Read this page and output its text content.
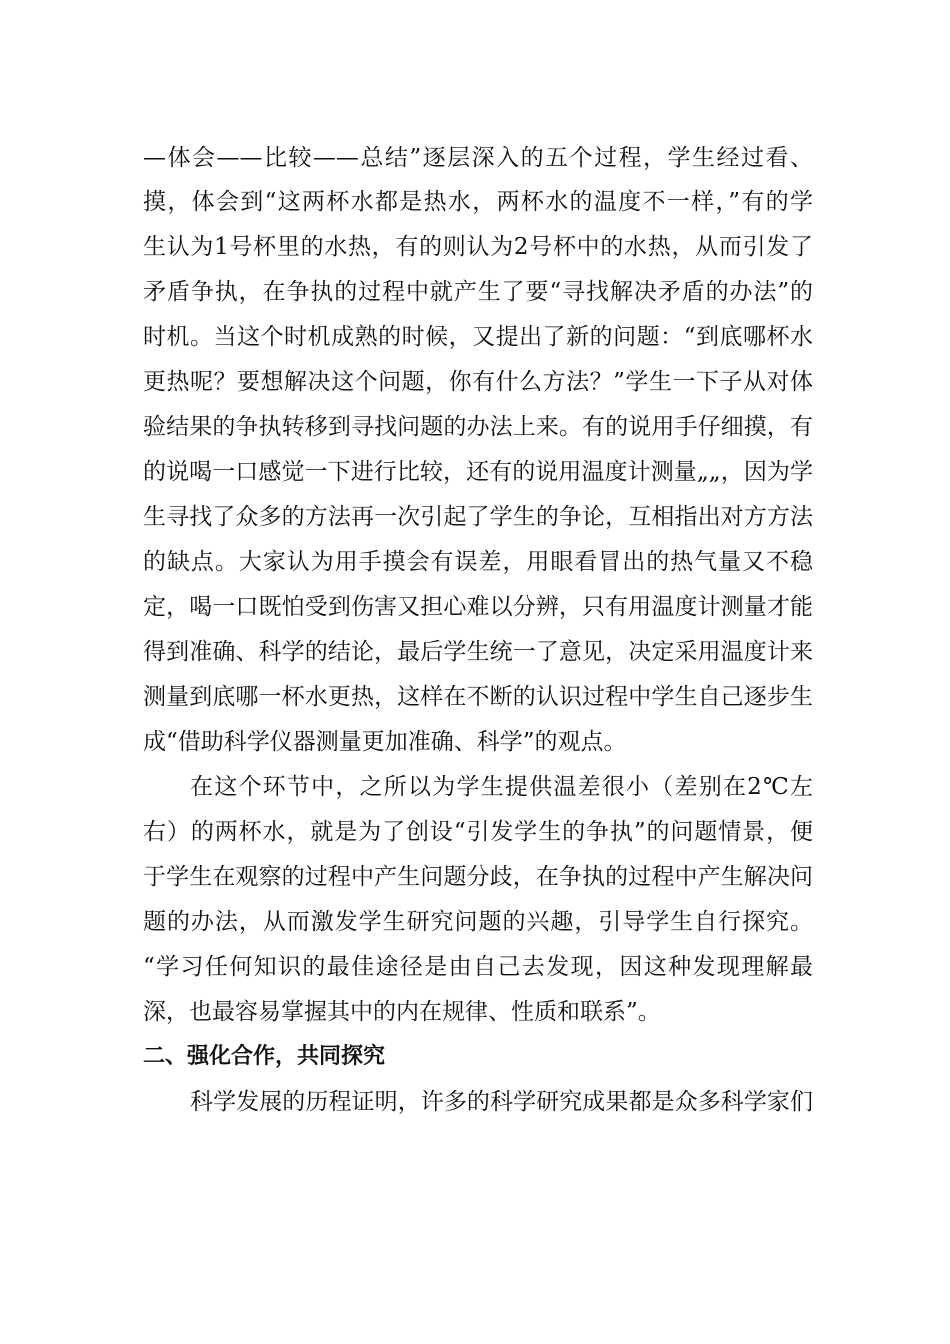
—体会——比较——总结”逐层深入的五个过程，学生经过看、
摸，体会到“这两杯水都是热水，两杯水的温度不一样，”有的学
生认为1号杯里的水热，有的则认为2号杯中的水热，从而引发了
矛盾争执，在争执的过程中就产生了要“寻找解决矛盾的办法”的
时机。当这个时机成熟的时候，又提出了新的问题：“到底哪杯水
更热呢？要想解决这个问题，你有什么方法？”学生一下子从对体
验结果的争执转移到寻找问题的办法上来。有的说用手仔细摸，有
的说喝一口感觉一下进行比较，还有的说用温度计测量„„，因为学
生寻找了众多的方法再一次引起了学生的争论，互相指出对方方法
的缺点。大家认为用手摸会有误差，用眼看冒出的热气量又不稳
定，喝一口既怕受到伤害又担心难以分辨，只有用温度计测量才能
得到准确、科学的结论，最后学生统一了意见，决定采用温度计来
测量到底哪一杯水更热，这样在不断的认识过程中学生自己逐步生
成“借助科学仪器测量更加准确、科学”的观点。
在这个环节中，之所以为学生提供温差很小（差别在2℃左
右）的两杯水，就是为了创设“引发学生的争执”的问题情景，便
于学生在观察的过程中产生问题分歧，在争执的过程中产生解决问
题的办法，从而激发学生研究问题的兴趣，引导学生自行探究。
“学习任何知识的最佳途径是由自己去发现，因这种发现理解最
深，也最容易掌握其中的内在规律、性质和联系”。
二、强化合作，共同探究
科学发展的历程证明，许多的科学研究成果都是众多科学家们
